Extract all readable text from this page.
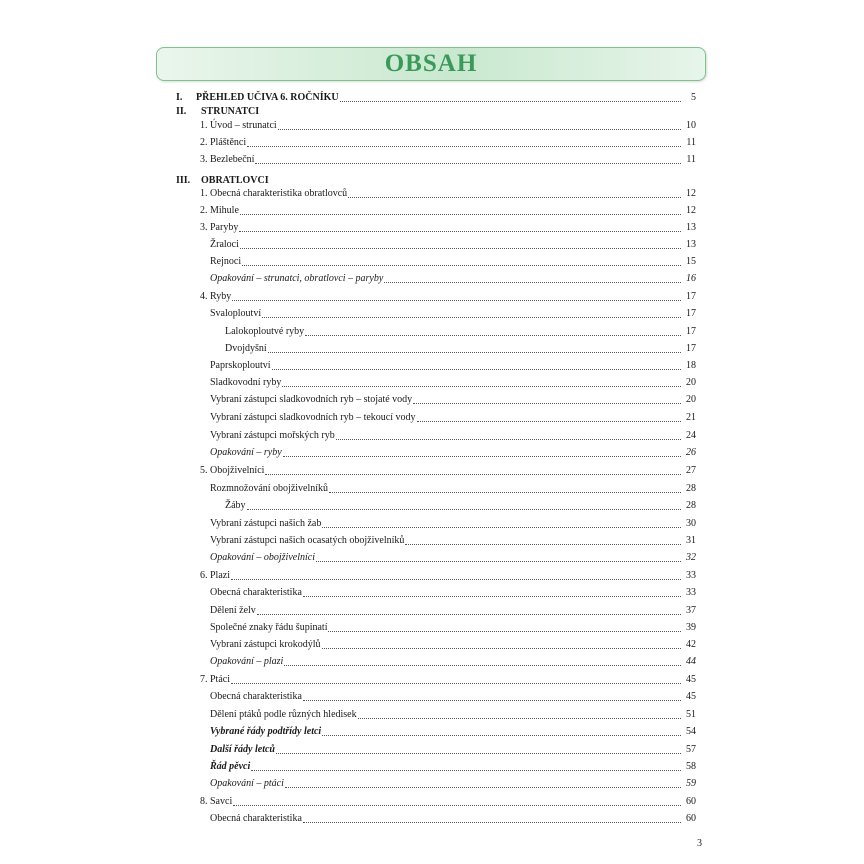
OBSAH
I. PŘEHLED UČIVA 6. ROČNÍKU	5
II.	STRUNATCI
III.	OBRATLOVCI
1. Úvod – strunatci	10
2. Pláštěnci	11
3. Bezlebeční	11
1. Obecná charakteristika obratlovců	12
2. Mihule	12
3. Paryby	13
Žraloci	13
Rejnoci	15
Opakování – strunatci, obratlovci – paryby	16
4. Ryby	17
Svaloploutví	17
Lalokoploutvé ryby	17
Dvojdyšní	17
Paprskoploutví	18
Sladkovodní ryby	20
Vybraní zástupci sladkovodních ryb – stojaté vody	20
Vybraní zástupci sladkovodních ryb – tekoucí vody	21
Vybraní zástupci mořských ryb	24
Opakování – ryby	26
5. Obojživelníci	27
Rozmnožování obojživelníků	28
Žáby	28
Vybraní zástupci našich žab	30
Vybraní zástupci našich ocasatých obojživelníků	31
Opakování – obojživelníci	32
6. Plazi	33
Obecná charakteristika	33
Dělení želv	37
Společné znaky řádu šupinatí	39
Vybraní zástupci krokodýlů	42
Opakování – plazi	44
7. Ptáci	45
Obecná charakteristika	45
Dělení ptáků podle různých hledisek	51
Vybrané řády podtřídy letci	54
Další řády letců	57
Řád pěvci	58
Opakování – ptáci	59
8. Savci	60
Obecná charakteristika	60
3
